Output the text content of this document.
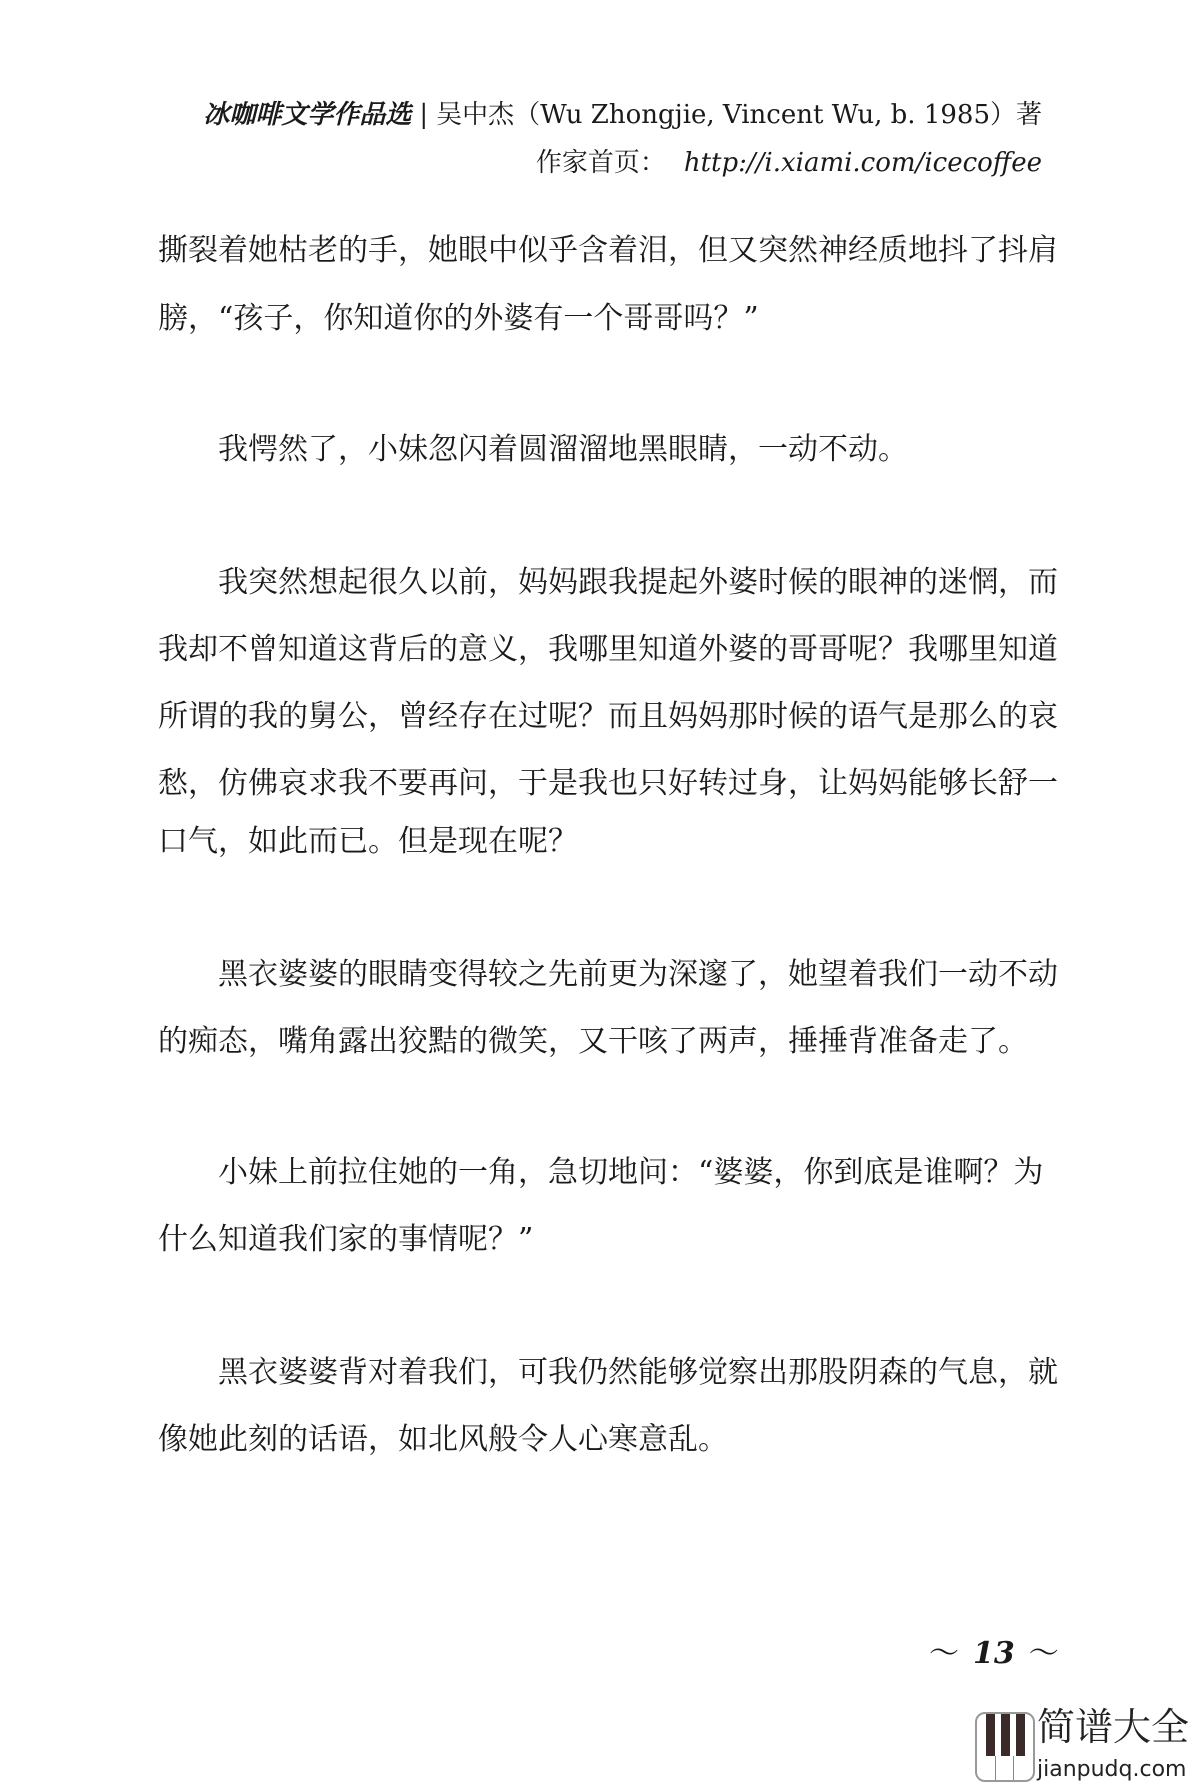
冰咖啡文学作品选 | 吴中杰（Wu Zhongjie, Vincent Wu, b. 1985）著
作家首页： http://i.xiami.com/icecoffee
撕裂着她枯老的手，她眼中似乎含着泪，但又突然神经质地抖了抖肩
膀，“孩子，你知道你的外婆有一个哥哥吗？”
我愕然了，小妹忽闪着圆溜溜地黑眼睛，一动不动。
我突然想起很久以前，妈妈跟我提起外婆时候的眼神的迷惘，而
我却不曾知道这背后的意义，我哪里知道外婆的哥哥呢？我哪里知道
所谓的我的舅公，曾经存在过呢？而且妈妈那时候的语气是那么的哀
愁，仿佛哀求我不要再问，于是我也只好转过身，让妈妈能够长舒一
口气，如此而已。但是现在呢？
黑衣婆婆的眼睛变得较之先前更为深邃了，她望着我们一动不动
的痴态，嘴角露出狡黠的微笑，又干咳了两声，捶捶背准备走了。
小妹上前拉住她的一角，急切地问：“婆婆，你到底是谁啊？为
什么知道我们家的事情呢？”
黑衣婆婆背对着我们，可我仍然能够觉察出那股阴森的气息，就
像她此刻的话语，如北风般令人心寒意乱。
～ 13 ～
简谱大全
jianpudq.com
